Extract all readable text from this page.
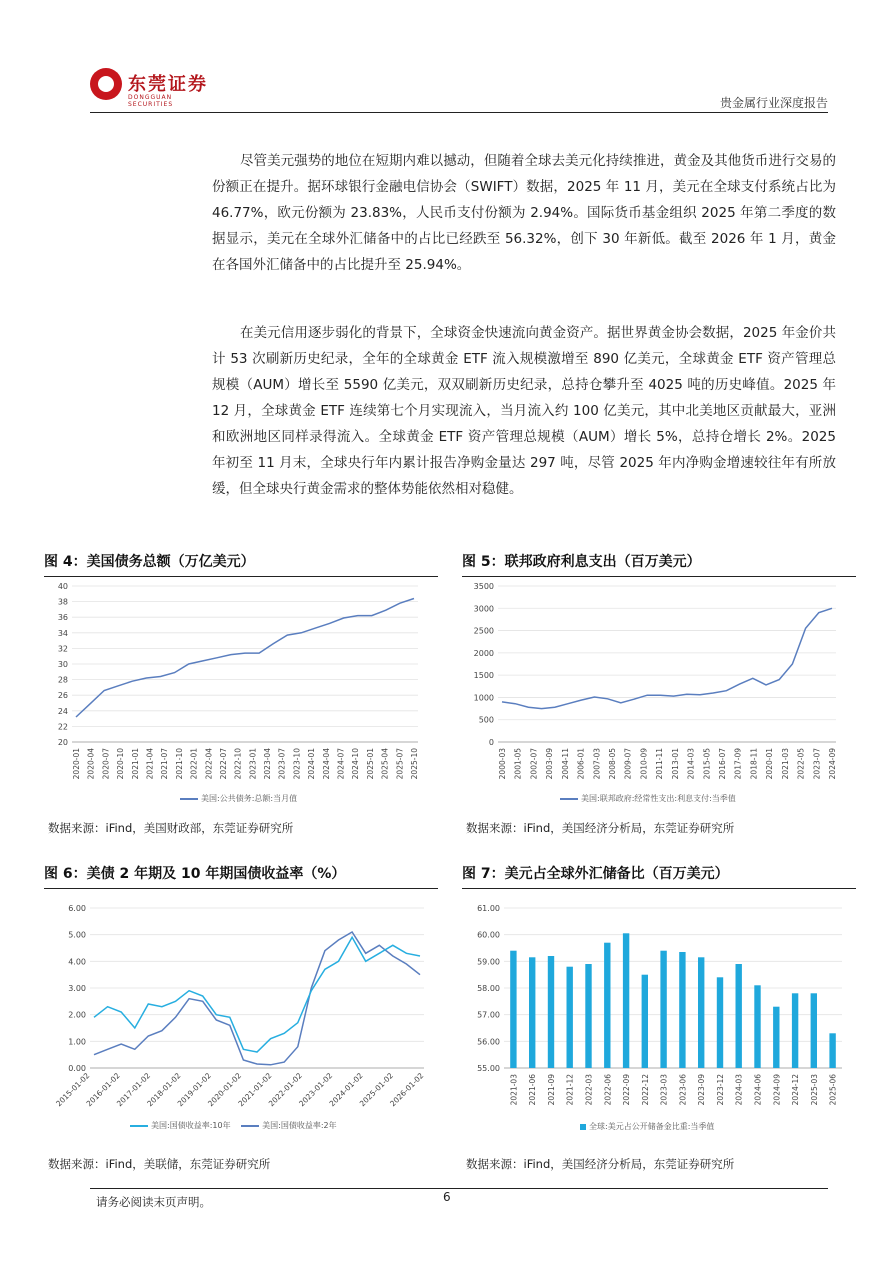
东莞证券
DONGGUAN SECURITIES	贵金属行业深度报告

尽管美元强势的地位在短期内难以撼动，但随着全球去美元化持续推进，黄金及其他货币进行交易的份额正在提升。据环球银行金融电信协会（SWIFT）数据，2025 年 11 月，美元在全球支付系统占比为 46.77%，欧元份额为 23.83%，人民币支付份额为 2.94%。国际货币基金组织 2025 年第二季度的数据显示，美元在全球外汇储备中的占比已经跌至 56.32%，创下 30 年新低。截至 2026 年 1 月，黄金在各国外汇储备中的占比提升至 25.94%。

在美元信用逐步弱化的背景下，全球资金快速流向黄金资产。据世界黄金协会数据，2025 年金价共计 53 次刷新历史纪录，全年的全球黄金 ETF 流入规模激增至 890 亿美元，全球黄金 ETF 资产管理总规模（AUM）增长至 5590 亿美元，双双刷新历史纪录，总持仓攀升至 4025 吨的历史峰值。2025 年 12 月，全球黄金 ETF 连续第七个月实现流入，当月流入约 100 亿美元，其中北美地区贡献最大，亚洲和欧洲地区同样录得流入。全球黄金 ETF 资产管理总规模（AUM）增长 5%，总持仓增长 2%。2025 年初至 11 月末，全球央行年内累计报告净购金量达 297 吨，尽管 2025 年内净购金增速较往年有所放缓，但全球央行黄金需求的整体势能依然相对稳健。

图 4：美国债务总额（万亿美元）
20
22
24
26
28
30
32
34
36
38
40
2020-01 2020-04 2020-07 2020-10 2021-01 2021-04 2021-07 2021-10 2022-01 2022-04 2022-07 2022-10 2023-01 2023-04 2023-07 2023-10 2024-01 2024-04 2024-07 2024-10 2025-01 2025-04 2025-07 2025-10
美国:公共债务:总额:当月值
数据来源：iFind，美国财政部，东莞证券研究所
图 5：联邦政府利息支出（百万美元）
0
500
1000
1500
2000
2500
3000
3500
2000-03 2001-05 2002-07 2003-09 2004-11 2006-01 2007-03 2008-05 2009-07 2010-09 2011-11 2013-01 2014-03 2015-05 2016-07 2017-09 2018-11 2020-01 2021-03 2022-05 2023-07 2024-09
美国:联邦政府:经常性支出:利息支付:当季值
数据来源：iFind，美国经济分析局，东莞证券研究所
图 6：美债 2 年期及 10 年期国债收益率（%）
0.00
1.00
2.00
3.00
4.00
5.00
6.00
2015-01-02
2016-01-02
2017-01-02
2018-01-02
2019-01-02
2020-01-02
2021-01-02
2022-01-02
2023-01-02
2024-01-02
2025-01-02
2026-01-02
美国:国债收益率:10年	美国:国债收益率:2年
数据来源：iFind，美联储，东莞证券研究所
图 7：美元占全球外汇储备比（百万美元）
55.00
56.00
57.00
58.00
59.00
60.00
61.00
2021-03 2021-06 2021-09 2021-12 2022-03 2022-06 2022-09 2022-12 2023-03 2023-06 2023-09 2023-12 2024-03 2024-06 2024-09 2024-12 2025-03 2025-06
全球:美元占公开储备金比重:当季值
数据来源：iFind，美国经济分析局，东莞证券研究所
请务必阅读末页声明。	6
